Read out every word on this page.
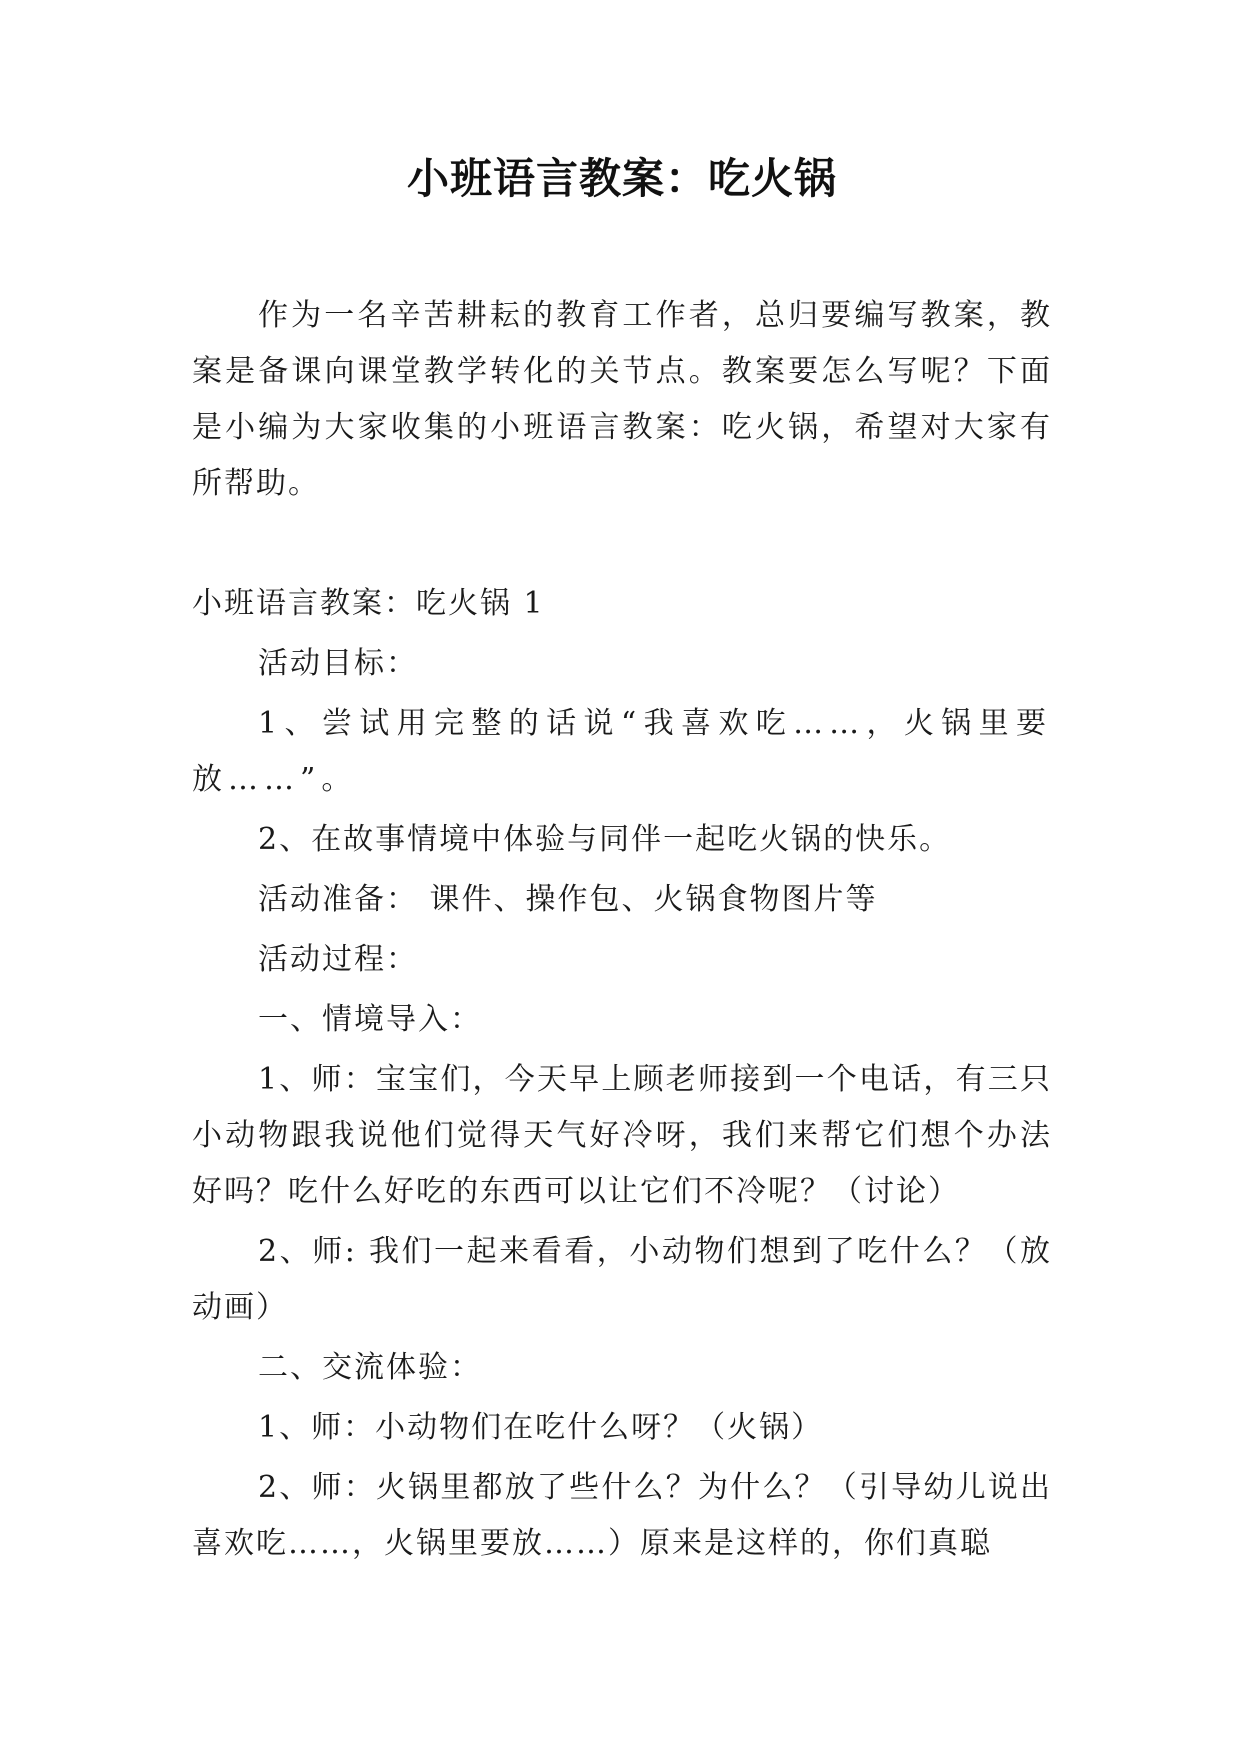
小班语言教案：吃火锅

作为一名辛苦耕耘的教育工作者，总归要编写教案，教案是备课向课堂教学转化的关节点。教案要怎么写呢？下面是小编为大家收集的小班语言教案：吃火锅，希望对大家有所帮助。

小班语言教案：吃火锅 1

活动目标：

1、尝试用完整的话说“我喜欢吃……，火锅里要放……”。

2、在故事情境中体验与同伴一起吃火锅的快乐。

活动准备： 课件、操作包、火锅食物图片等

活动过程：

一、情境导入：

1、师：宝宝们，今天早上顾老师接到一个电话，有三只小动物跟我说他们觉得天气好冷呀，我们来帮它们想个办法好吗？吃什么好吃的东西可以让它们不冷呢？（讨论）

2、师: 我们一起来看看，小动物们想到了吃什么？（放动画）

二、交流体验：

1、师：小动物们在吃什么呀？（火锅）

2、师：火锅里都放了些什么？为什么？（引导幼儿说出喜欢吃……，火锅里要放……）原来是这样的，你们真聪
